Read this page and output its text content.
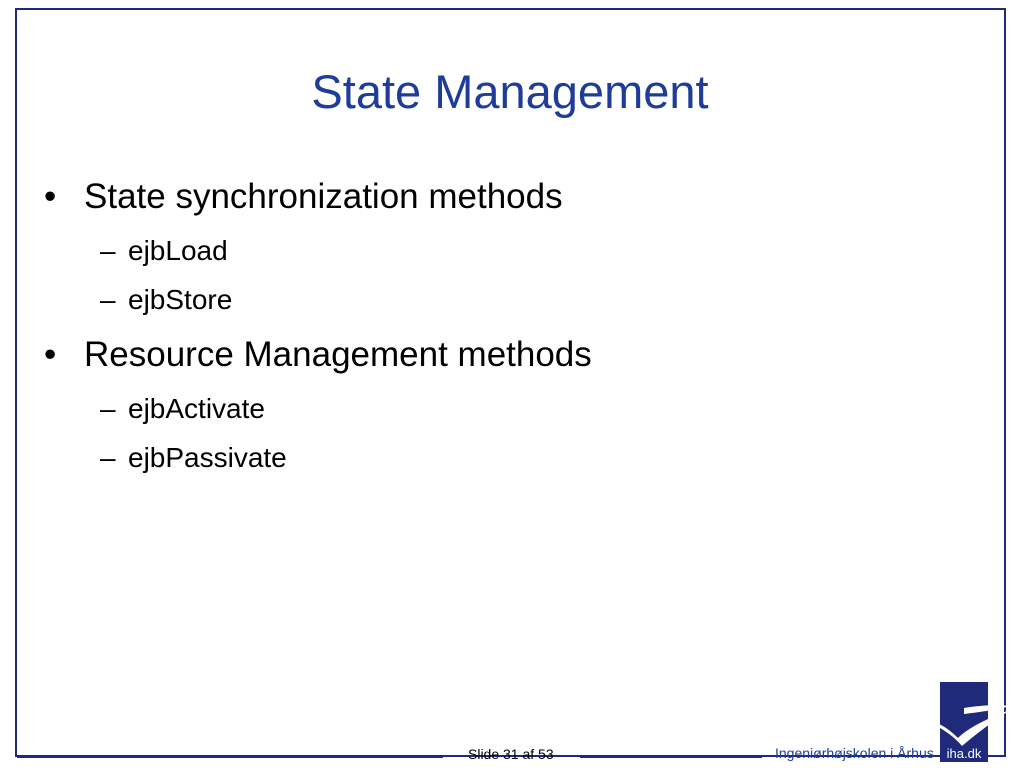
State Management
• State synchronization methods
– ejbLoad
– ejbStore
• Resource Management methods
– ejbActivate
– ejbPassivate
Slide 31 af 53	Ingeniørhøjskolen i Århus iha.dk
